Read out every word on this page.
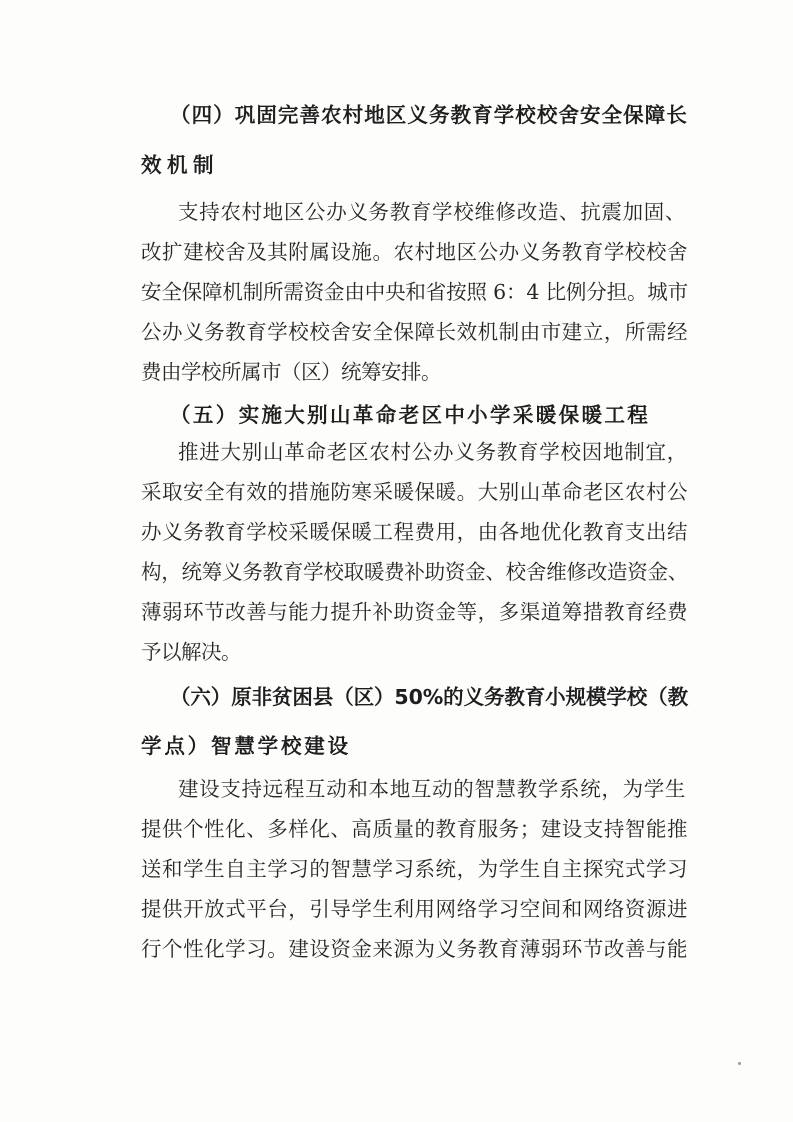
（四）巩固完善农村地区义务教育学校校舍安全保障长
效机制
支持农村地区公办义务教育学校维修改造、抗震加固、
改扩建校舍及其附属设施。农村地区公办义务教育学校校舍
安全保障机制所需资金由中央和省按照 6：4 比例分担。城市
公办义务教育学校校舍安全保障长效机制由市建立，所需经
费由学校所属市（区）统筹安排。
（五）实施大别山革命老区中小学采暖保暖工程
推进大别山革命老区农村公办义务教育学校因地制宜，
采取安全有效的措施防寒采暖保暖。大别山革命老区农村公
办义务教育学校采暖保暖工程费用，由各地优化教育支出结
构，统筹义务教育学校取暖费补助资金、校舍维修改造资金、
薄弱环节改善与能力提升补助资金等，多渠道筹措教育经费
予以解决。
（六）原非贫困县（区）50%的义务教育小规模学校（教
学点）智慧学校建设
建设支持远程互动和本地互动的智慧教学系统，为学生
提供个性化、多样化、高质量的教育服务；建设支持智能推
送和学生自主学习的智慧学习系统，为学生自主探究式学习
提供开放式平台，引导学生利用网络学习空间和网络资源进
行个性化学习。建设资金来源为义务教育薄弱环节改善与能
